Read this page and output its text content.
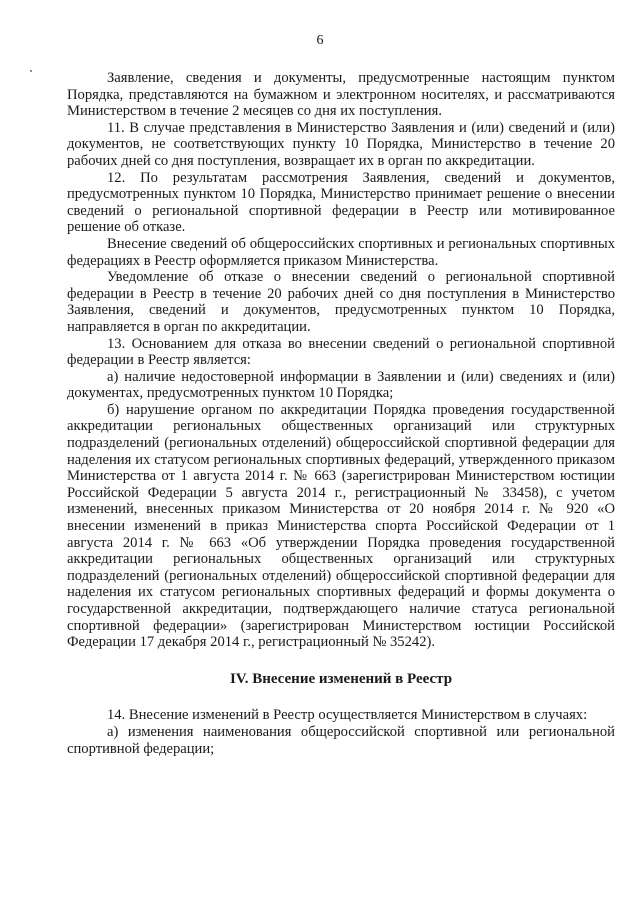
6

Заявление, сведения и документы, предусмотренные настоящим пунктом Порядка, представляются на бумажном и электронном носителях, и рассматриваются Министерством в течение 2 месяцев со дня их поступления.

11. В случае представления в Министерство Заявления и (или) сведений и (или) документов, не соответствующих пункту 10 Порядка, Министерство в течение 20 рабочих дней со дня поступления, возвращает их в орган по аккредитации.

12. По результатам рассмотрения Заявления, сведений и документов, предусмотренных пунктом 10 Порядка, Министерство принимает решение о внесении сведений о региональной спортивной федерации в Реестр или мотивированное решение об отказе.

Внесение сведений об общероссийских спортивных и региональных спортивных федерациях в Реестр оформляется приказом Министерства.

Уведомление об отказе о внесении сведений о региональной спортивной федерации в Реестр в течение 20 рабочих дней со дня поступления в Министерство Заявления, сведений и документов, предусмотренных пунктом 10 Порядка, направляется в орган по аккредитации.

13. Основанием для отказа во внесении сведений о региональной спортивной федерации в Реестр является:

а) наличие недостоверной информации в Заявлении и (или) сведениях и (или) документах, предусмотренных пунктом 10 Порядка;

б) нарушение органом по аккредитации Порядка проведения государственной аккредитации региональных общественных организаций или структурных подразделений (региональных отделений) общероссийской спортивной федерации для наделения их статусом региональных спортивных федераций, утвержденного приказом Министерства от 1 августа 2014 г. № 663 (зарегистрирован Министерством юстиции Российской Федерации 5 августа 2014 г., регистрационный № 33458), с учетом изменений, внесенных приказом Министерства от 20 ноября 2014 г. № 920 «О внесении изменений в приказ Министерства спорта Российской Федерации от 1 августа 2014 г. № 663 «Об утверждении Порядка проведения государственной аккредитации региональных общественных организаций или структурных подразделений (региональных отделений) общероссийской спортивной федерации для наделения их статусом региональных спортивных федераций и формы документа о государственной аккредитации, подтверждающего наличие статуса региональной спортивной федерации» (зарегистрирован Министерством юстиции Российской Федерации 17 декабря 2014 г., регистрационный № 35242).

IV. Внесение изменений в Реестр

14. Внесение изменений в Реестр осуществляется Министерством в случаях:

а) изменения наименования общероссийской спортивной или региональной спортивной федерации;
